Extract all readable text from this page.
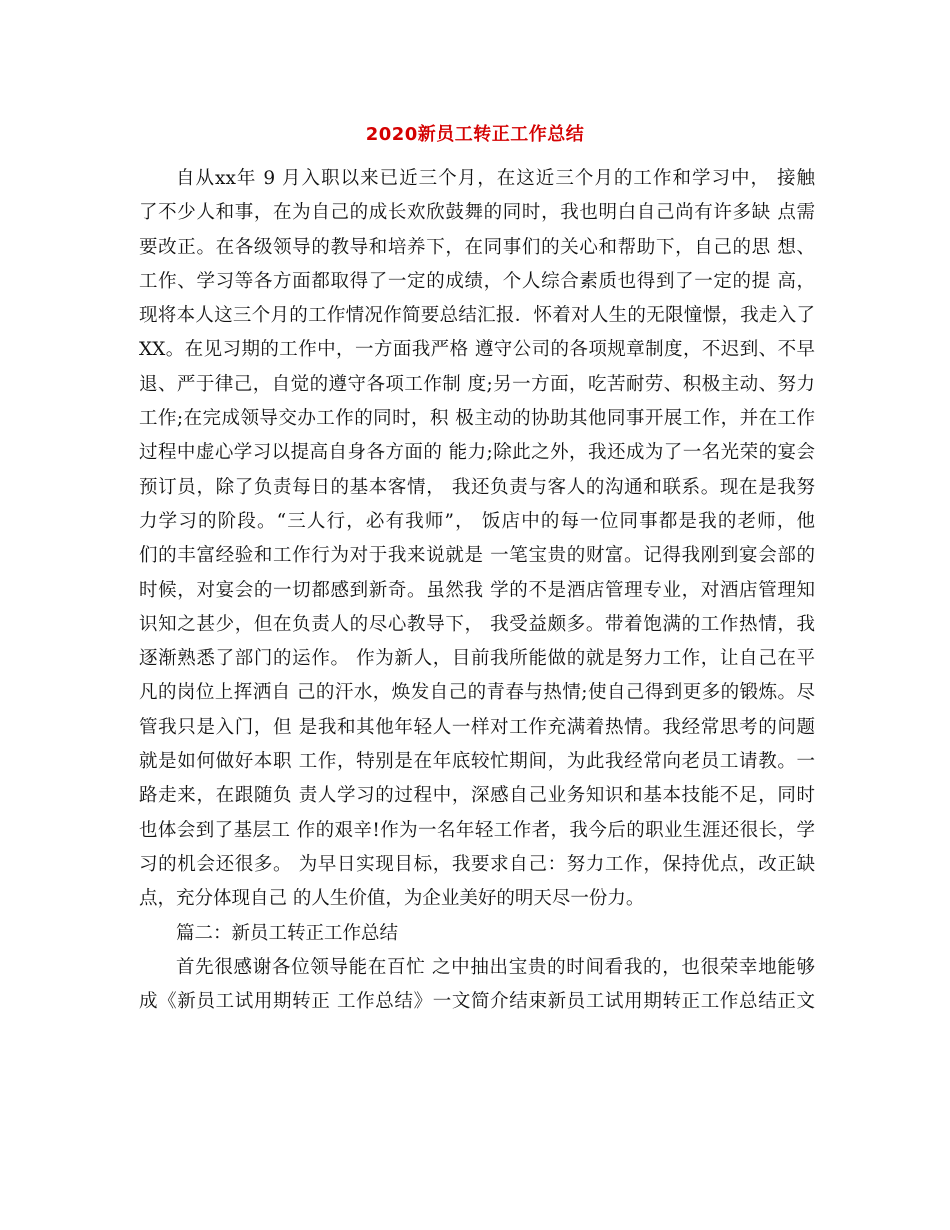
2020新员工转正工作总结
自从xx年 9 月入职以来已近三个月，在这近三个月的工作和学习中， 接触
了不少人和事，在为自己的成长欢欣鼓舞的同时，我也明白自己尚有许多缺 点需
要改正。在各级领导的教导和培养下，在同事们的关心和帮助下，自己的思 想、
工作、学习等各方面都取得了一定的成绩，个人综合素质也得到了一定的提 高，
现将本人这三个月的工作情况作简要总结汇报．怀着对人生的无限憧憬，我走入了
XX。在见习期的工作中，一方面我严格 遵守公司的各项规章制度，不迟到、不早
退、严于律己，自觉的遵守各项工作制 度;另一方面，吃苦耐劳、积极主动、努力
工作;在完成领导交办工作的同时，积 极主动的协助其他同事开展工作，并在工作
过程中虚心学习以提高自身各方面的 能力;除此之外，我还成为了一名光荣的宴会
预订员，除了负责每日的基本客情， 我还负责与客人的沟通和联系。现在是我努
力学习的阶段。“三人行，必有我师”， 饭店中的每一位同事都是我的老师，他
们的丰富经验和工作行为对于我来说就是 一笔宝贵的财富。记得我刚到宴会部的
时候，对宴会的一切都感到新奇。虽然我 学的不是酒店管理专业，对酒店管理知
识知之甚少，但在负责人的尽心教导下， 我受益颇多。带着饱满的工作热情，我
逐渐熟悉了部门的运作。 作为新人，目前我所能做的就是努力工作，让自己在平
凡的岗位上挥洒自 己的汗水，焕发自己的青春与热情;使自己得到更多的锻炼。尽
管我只是入门，但 是我和其他年轻人一样对工作充满着热情。我经常思考的问题
就是如何做好本职 工作，特别是在年底较忙期间，为此我经常向老员工请教。一
路走来，在跟随负 责人学习的过程中，深感自己业务知识和基本技能不足，同时
也体会到了基层工 作的艰辛!作为一名年轻工作者，我今后的职业生涯还很长，学
习的机会还很多。 为早日实现目标，我要求自己：努力工作，保持优点，改正缺
点，充分体现自己 的人生价值，为企业美好的明天尽一份力。
篇二：新员工转正工作总结
首先很感谢各位领导能在百忙 之中抽出宝贵的时间看我的，也很荣幸地能够
成《新员工试用期转正 工作总结》一文简介结束新员工试用期转正工作总结正文
